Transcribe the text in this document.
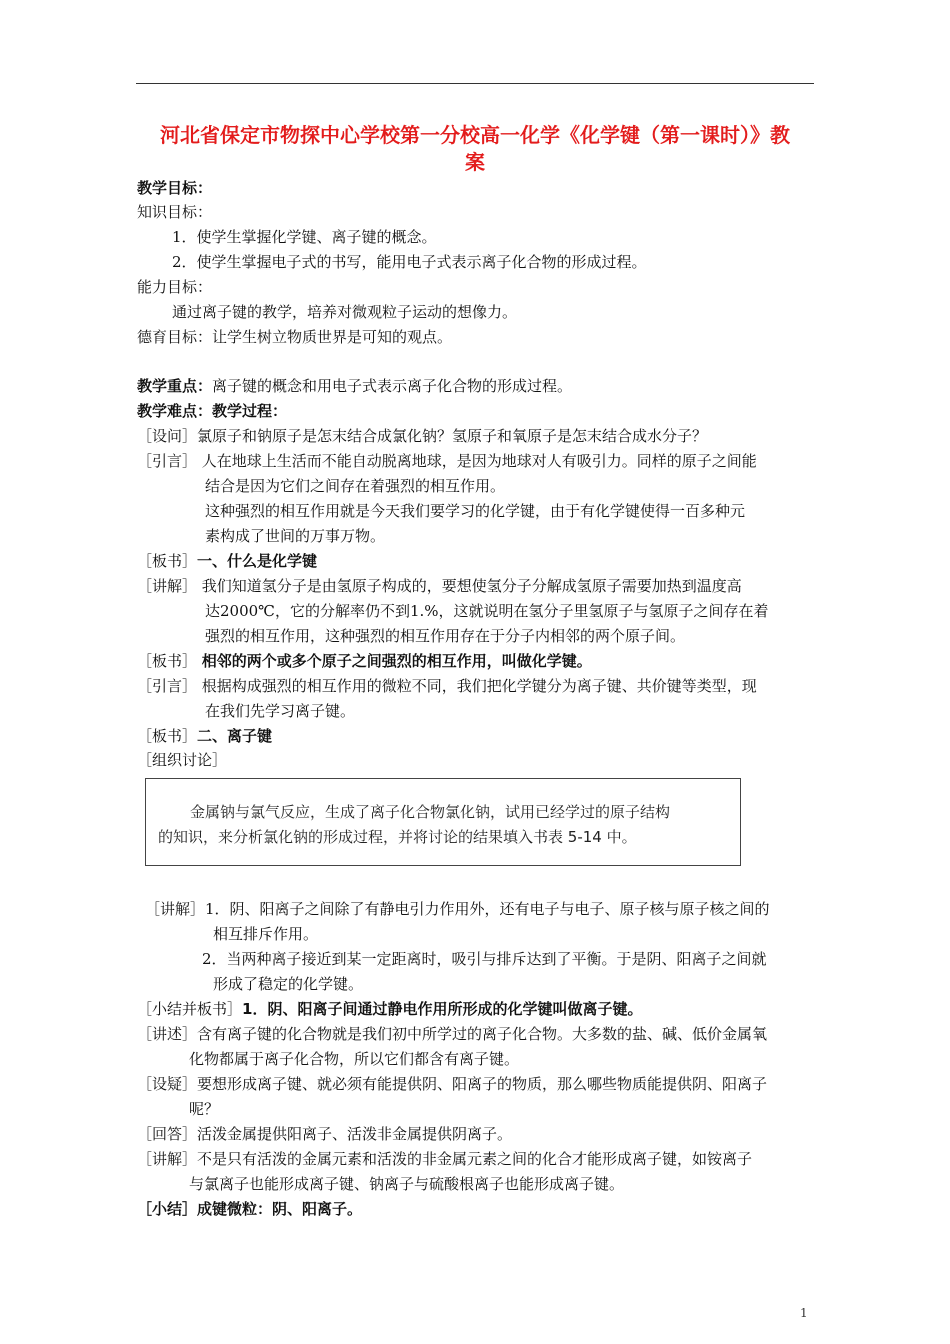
河北省保定市物探中心学校第一分校高一化学《化学键（第一课时）》教
案
教学目标：
知识目标：
1．使学生掌握化学键、离子键的概念。
2．使学生掌握电子式的书写，能用电子式表示离子化合物的形成过程。
能力目标：
通过离子键的教学，培养对微观粒子运动的想像力。
德育目标：让学生树立物质世界是可知的观点。
教学重点：离子键的概念和用电子式表示离子化合物的形成过程。
教学难点：教学过程：
［设问］氯原子和钠原子是怎末结合成氯化钠？氢原子和氧原子是怎末结合成水分子？
［引言］ 人在地球上生活而不能自动脱离地球，是因为地球对人有吸引力。同样的原子之间能
结合是因为它们之间存在着强烈的相互作用。
这种强烈的相互作用就是今天我们要学习的化学键，由于有化学键使得一百多种元
素构成了世间的万事万物。
［板书］一、什么是化学键
［讲解］ 我们知道氢分子是由氢原子构成的，要想使氢分子分解成氢原子需要加热到温度高
达2000℃，它的分解率仍不到1.%，这就说明在氢分子里氢原子与氢原子之间存在着
强烈的相互作用，这种强烈的相互作用存在于分子内相邻的两个原子间。
［板书］ 相邻的两个或多个原子之间强烈的相互作用，叫做化学键。
［引言］ 根据构成强烈的相互作用的微粒不同，我们把化学键分为离子键、共价键等类型，现
在我们先学习离子键。
［板书］二、离子键
［组织讨论］
金属钠与氯气反应，生成了离子化合物氯化钠，试用已经学过的原子结构
的知识，来分析氯化钠的形成过程，并将讨论的结果填入书表 5-14 中。
［讲解］1．阴、阳离子之间除了有静电引力作用外，还有电子与电子、原子核与原子核之间的
相互排斥作用。
2．当两种离子接近到某一定距离时，吸引与排斥达到了平衡。于是阴、阳离子之间就
形成了稳定的化学键。
［小结并板书］1．阴、阳离子间通过静电作用所形成的化学键叫做离子键。
［讲述］含有离子键的化合物就是我们初中所学过的离子化合物。大多数的盐、碱、低价金属氧
化物都属于离子化合物，所以它们都含有离子键。
［设疑］要想形成离子键、就必须有能提供阴、阳离子的物质，那么哪些物质能提供阴、阳离子
呢？
［回答］活泼金属提供阳离子、活泼非金属提供阴离子。
［讲解］不是只有活泼的金属元素和活泼的非金属元素之间的化合才能形成离子键，如铵离子
与氯离子也能形成离子键、钠离子与硫酸根离子也能形成离子键。
［小结］成键微粒：阴、阳离子。
1
